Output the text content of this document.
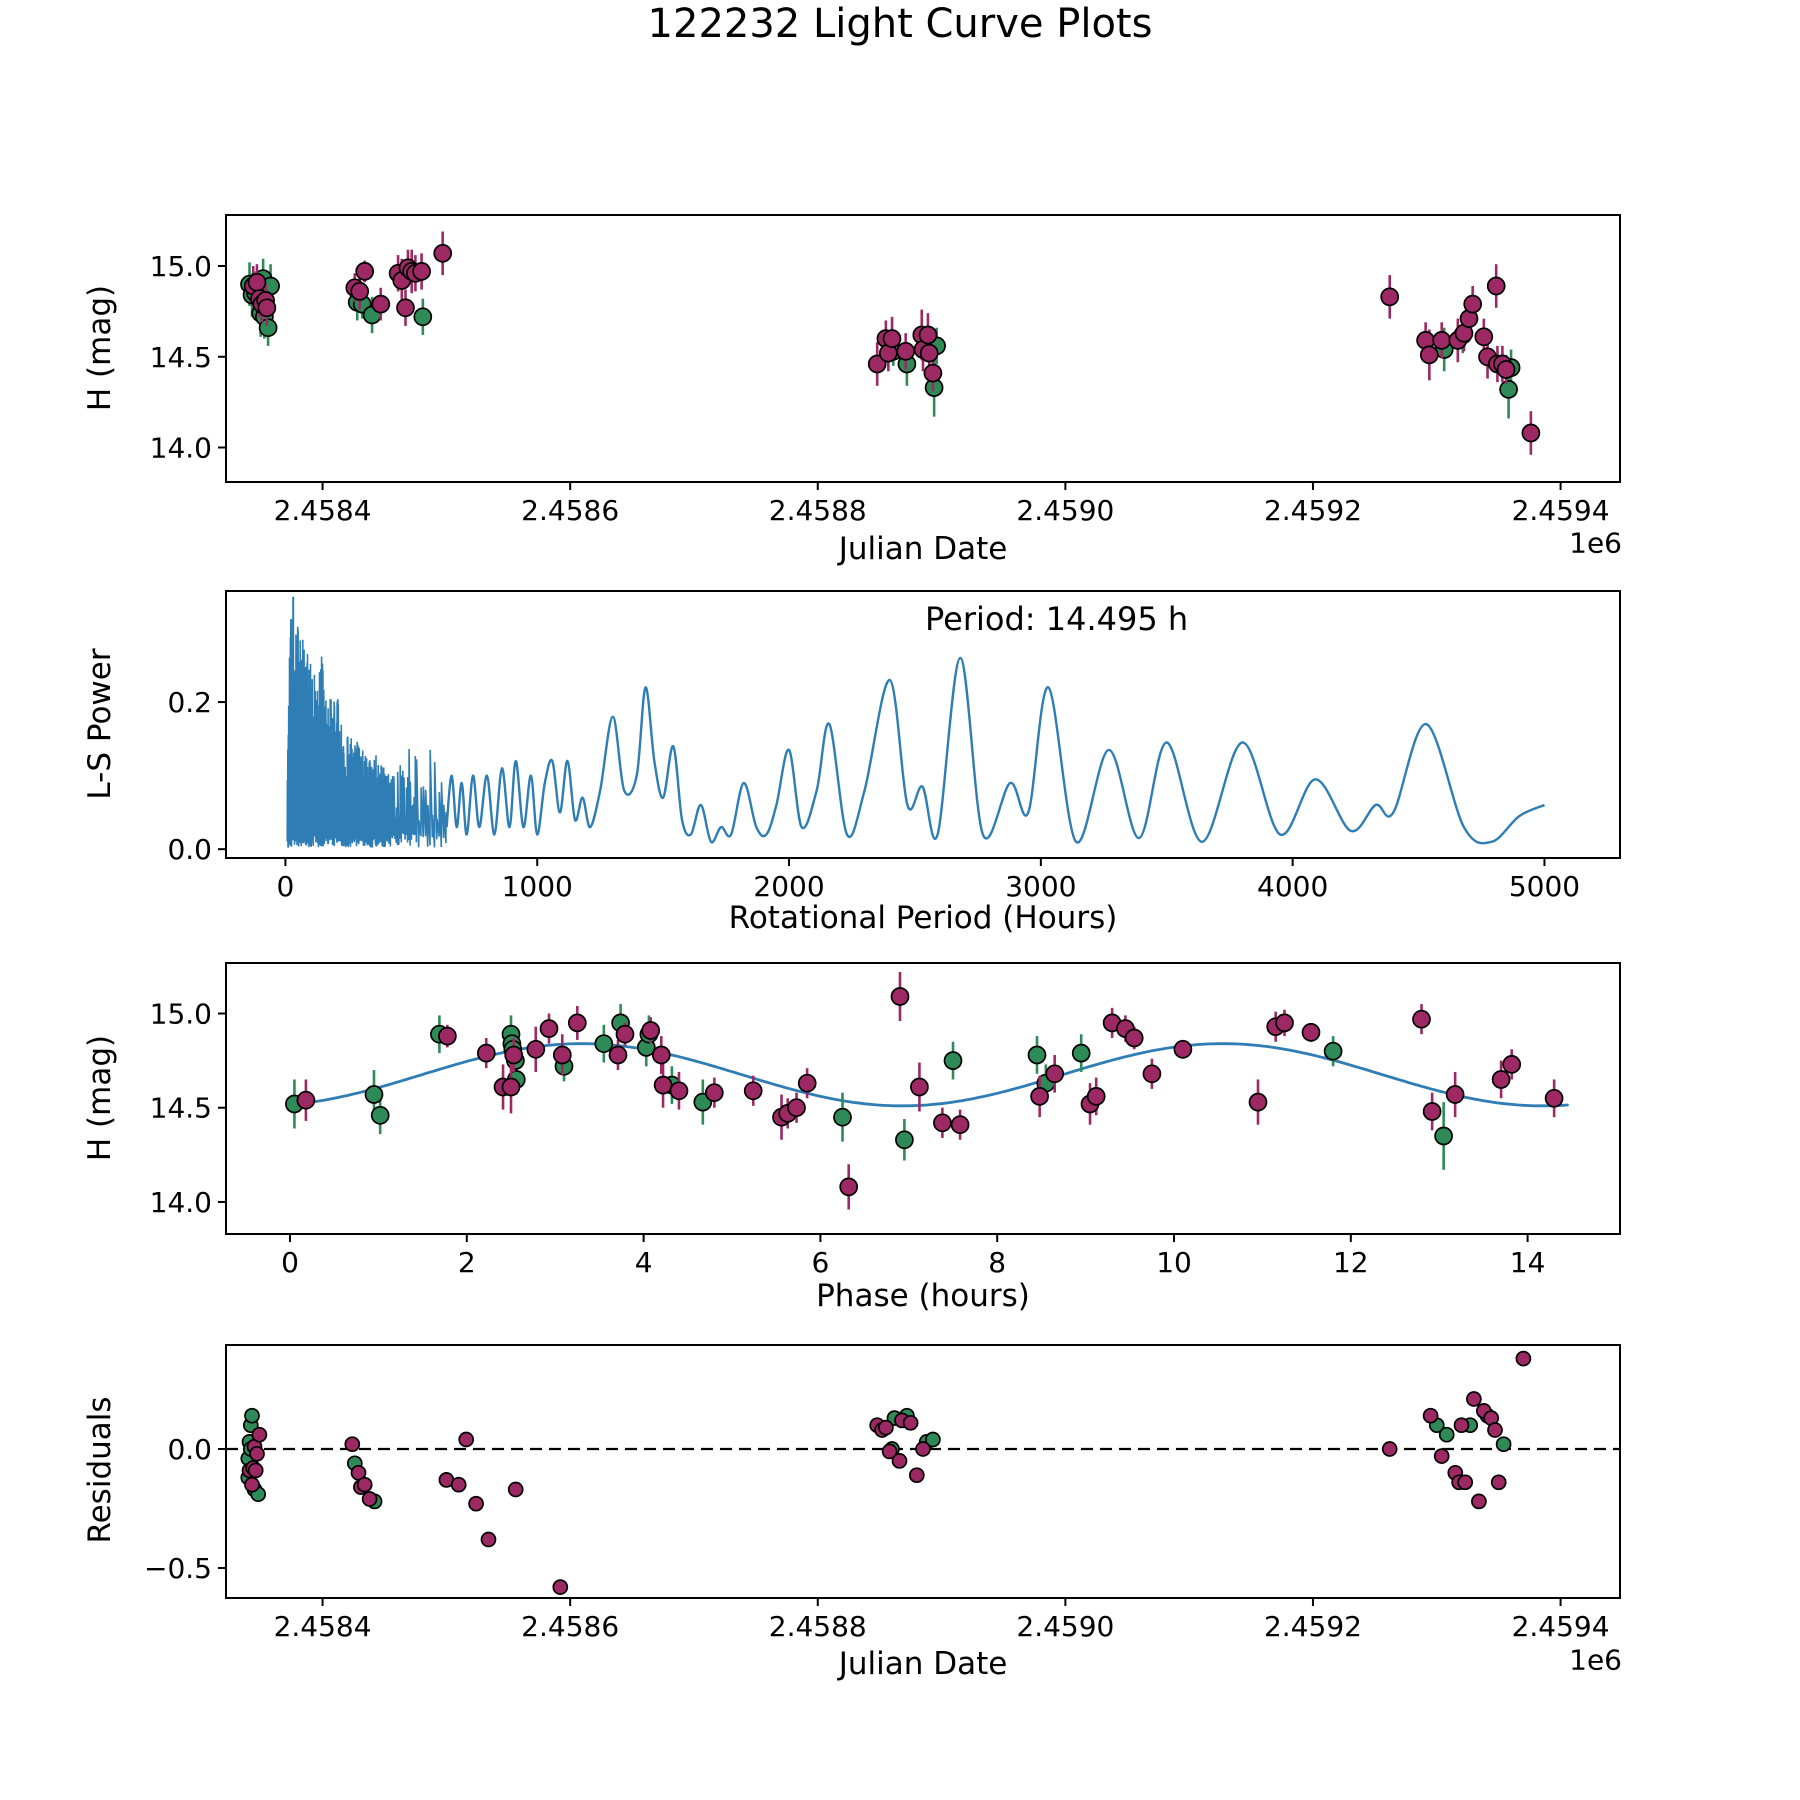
2.4584	2.4586	2.4588	2.4590	2.4592	2.4594
14.0
14.5
15.0
0	1000	2000	3000	4000	5000
0.0
0.2
0	2	4	6	8	10	12	14
14.0
14.5
15.0
2.4584	2.4586	2.4588	2.4590	2.4592	2.4594
−0.5
0.0
122232 Light Curve Plots
H (mag)
L-S Power
H (mag)
Residuals
Julian Date
Rotational Period (Hours)
Phase (hours)
Julian Date
1e6
1e6
Period: 14.495 h
